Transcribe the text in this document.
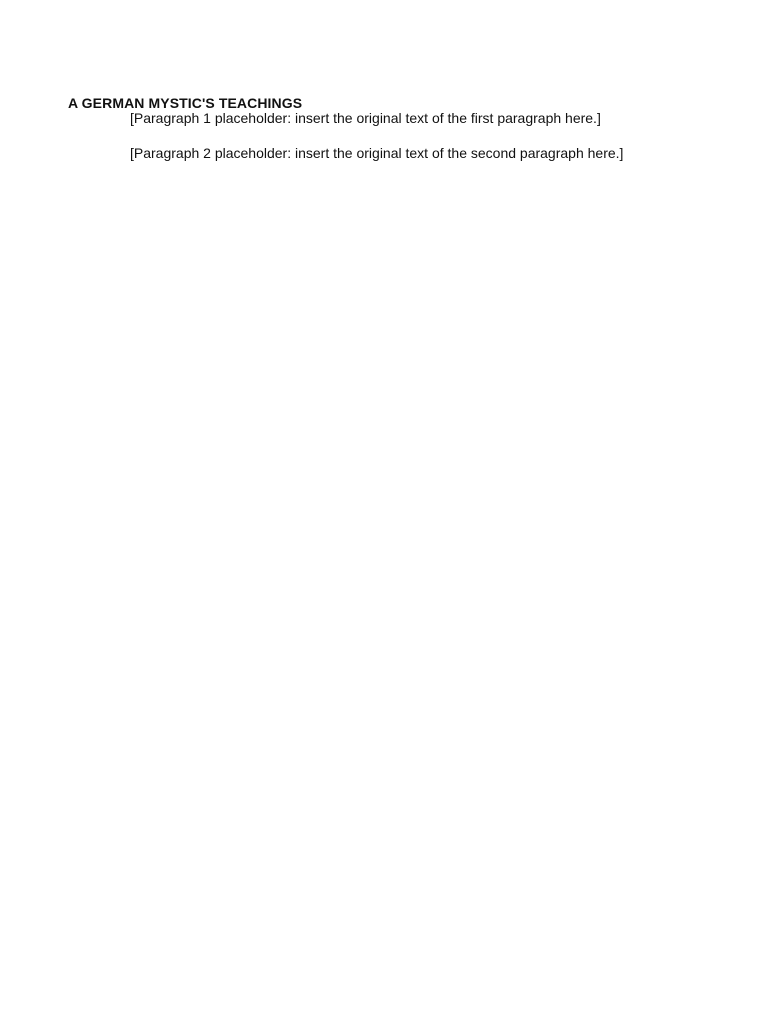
A GERMAN MYSTIC'S TEACHINGS

[Paragraph 1 placeholder: insert the original text of the first paragraph here.]

[Paragraph 2 placeholder: insert the original text of the second paragraph here.]
